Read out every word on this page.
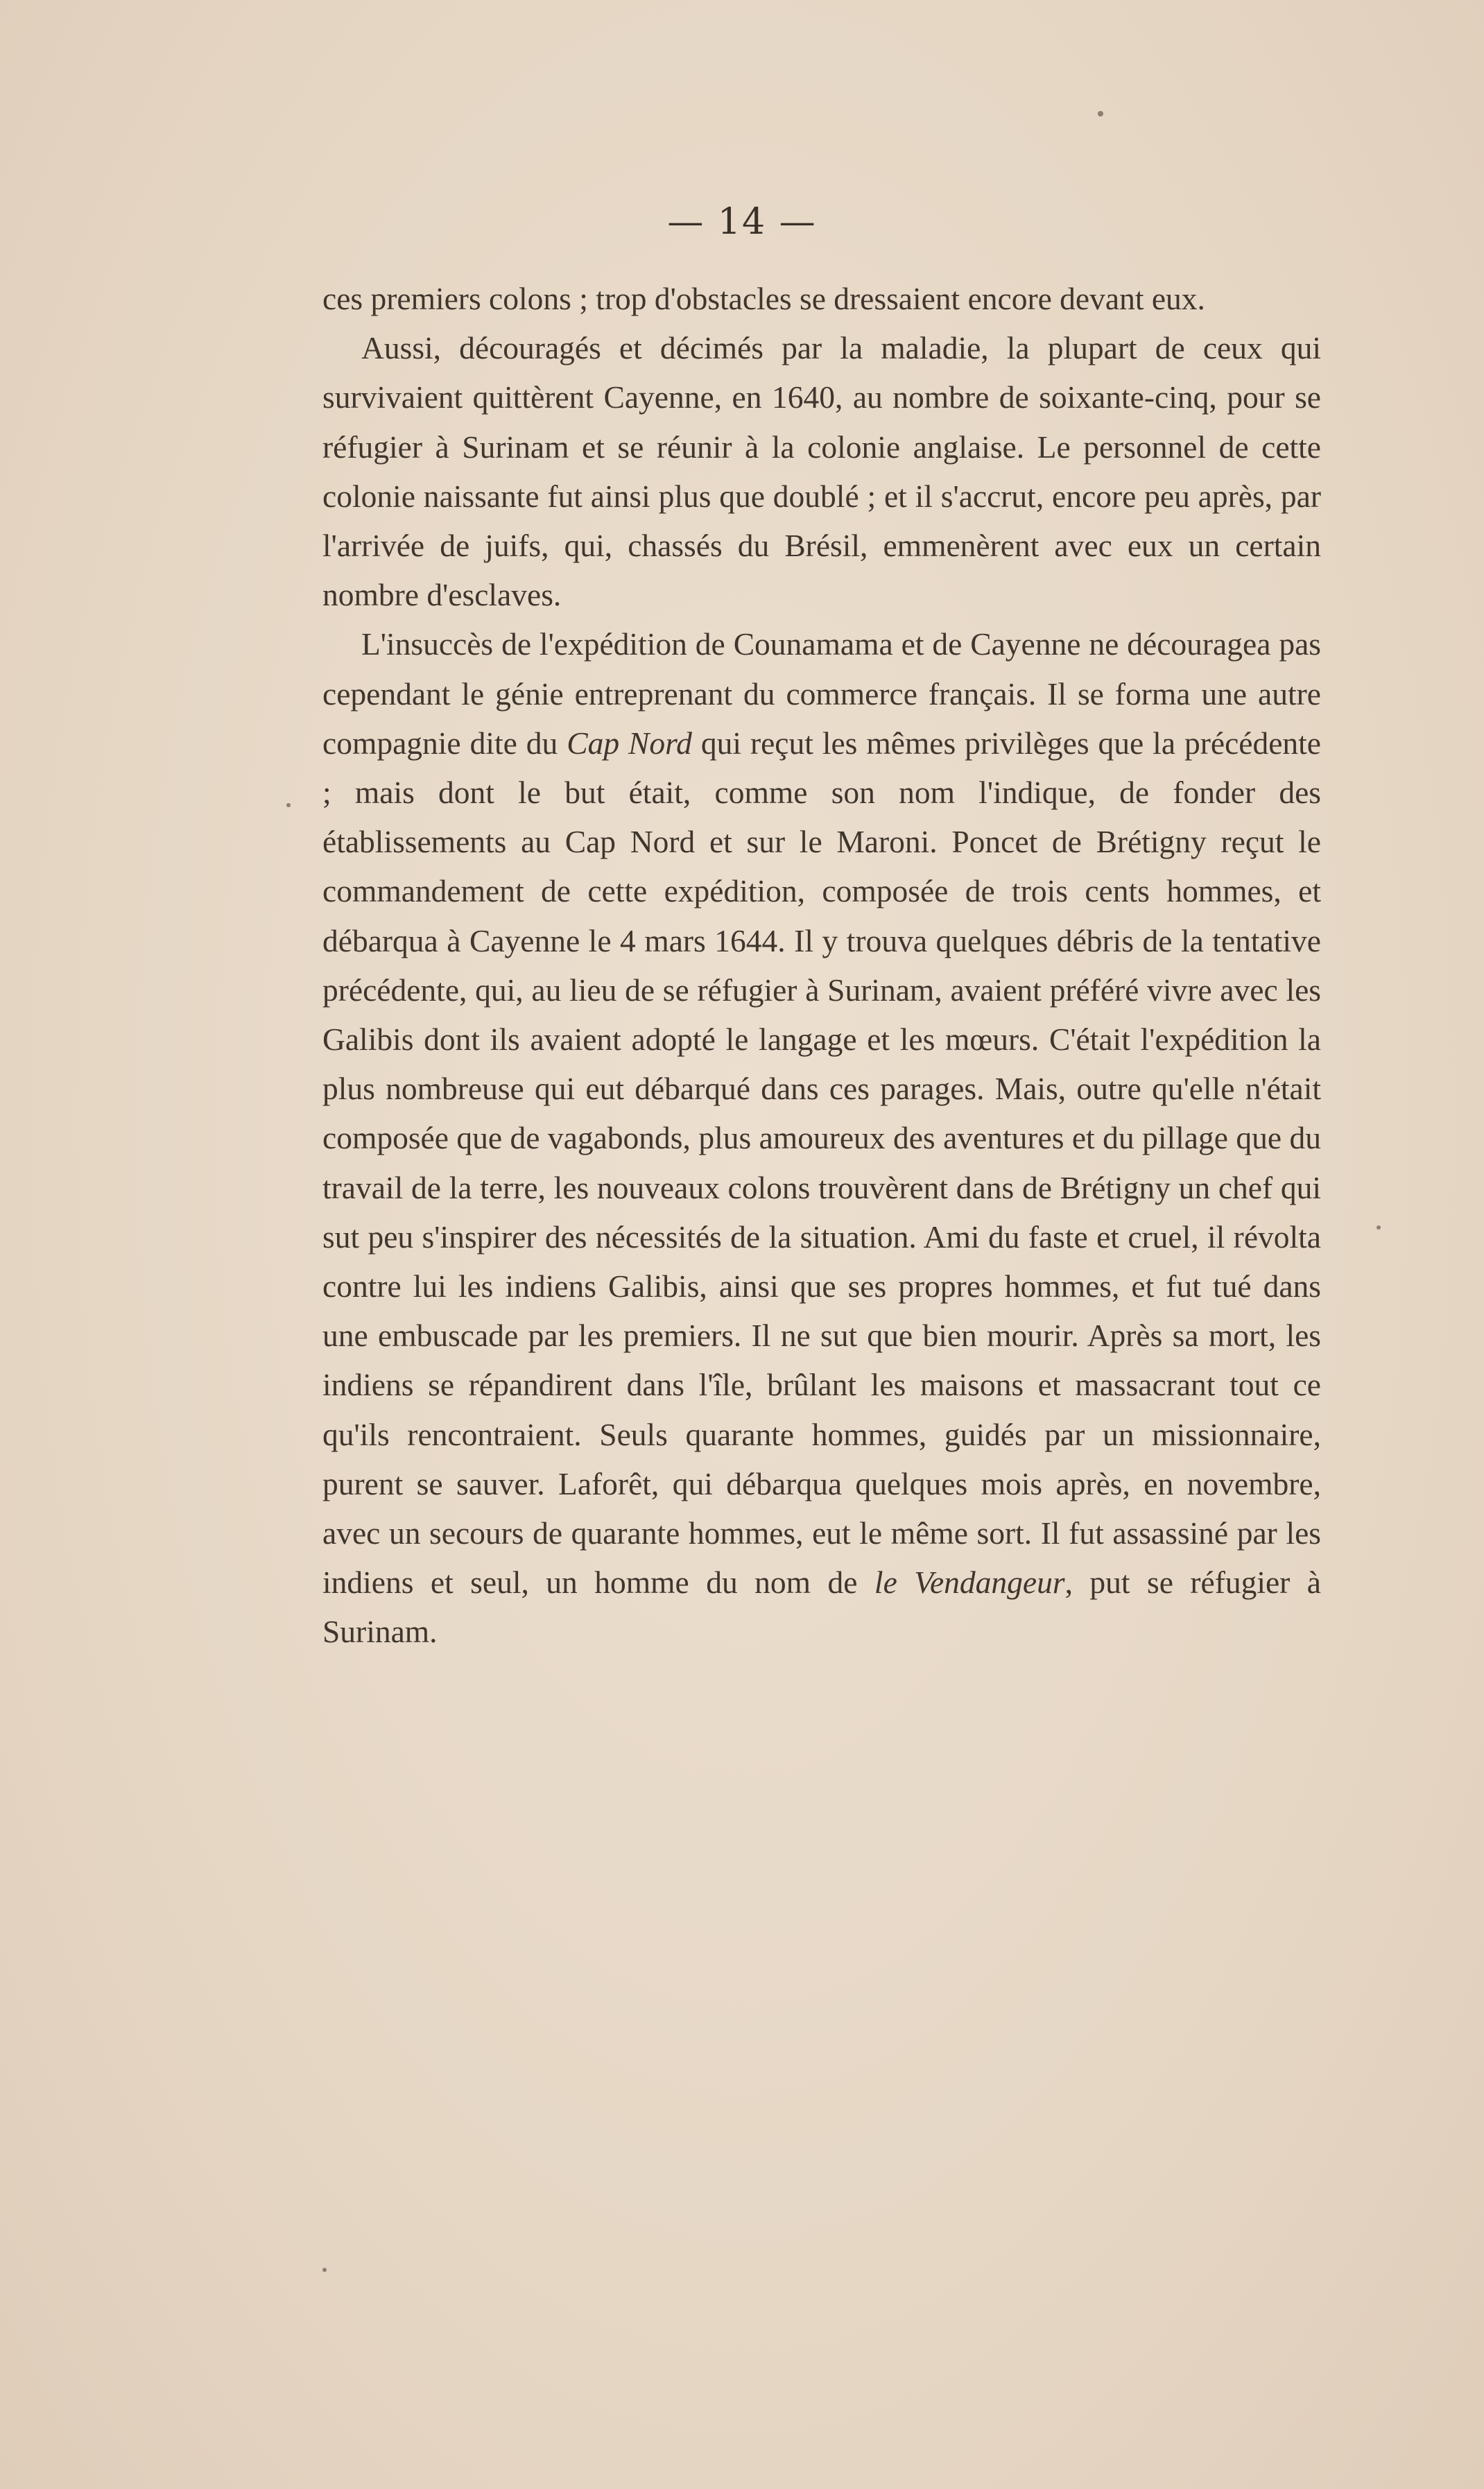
— 14 —

ces premiers colons ; trop d'obstacles se dressaient encore devant eux.

Aussi, découragés et décimés par la maladie, la plupart de ceux qui survivaient quittèrent Cayenne, en 1640, au nombre de soixante-cinq, pour se réfugier à Surinam et se réunir à la colonie anglaise. Le personnel de cette colonie naissante fut ainsi plus que doublé ; et il s'accrut, encore peu après, par l'arrivée de juifs, qui, chassés du Brésil, emmenèrent avec eux un certain nombre d'esclaves.

L'insuccès de l'expédition de Counamama et de Cayenne ne découragea pas cependant le génie entreprenant du commerce français. Il se forma une autre compagnie dite du Cap Nord qui reçut les mêmes privilèges que la précédente ; mais dont le but était, comme son nom l'indique, de fonder des établissements au Cap Nord et sur le Maroni. Poncet de Brétigny reçut le commandement de cette expédition, composée de trois cents hommes, et débarqua à Cayenne le 4 mars 1644. Il y trouva quelques débris de la tentative précédente, qui, au lieu de se réfugier à Surinam, avaient préféré vivre avec les Galibis dont ils avaient adopté le langage et les mœurs. C'était l'expédition la plus nombreuse qui eut débarqué dans ces parages. Mais, outre qu'elle n'était composée que de vagabonds, plus amoureux des aventures et du pillage que du travail de la terre, les nouveaux colons trouvèrent dans de Brétigny un chef qui sut peu s'inspirer des nécessités de la situation. Ami du faste et cruel, il révolta contre lui les indiens Galibis, ainsi que ses propres hommes, et fut tué dans une embuscade par les premiers. Il ne sut que bien mourir. Après sa mort, les indiens se répandirent dans l'île, brûlant les maisons et massacrant tout ce qu'ils rencontraient. Seuls quarante hommes, guidés par un missionnaire, purent se sauver. Laforêt, qui débarqua quelques mois après, en novembre, avec un secours de quarante hommes, eut le même sort. Il fut assassiné par les indiens et seul, un homme du nom de le Vendangeur, put se réfugier à Surinam.
